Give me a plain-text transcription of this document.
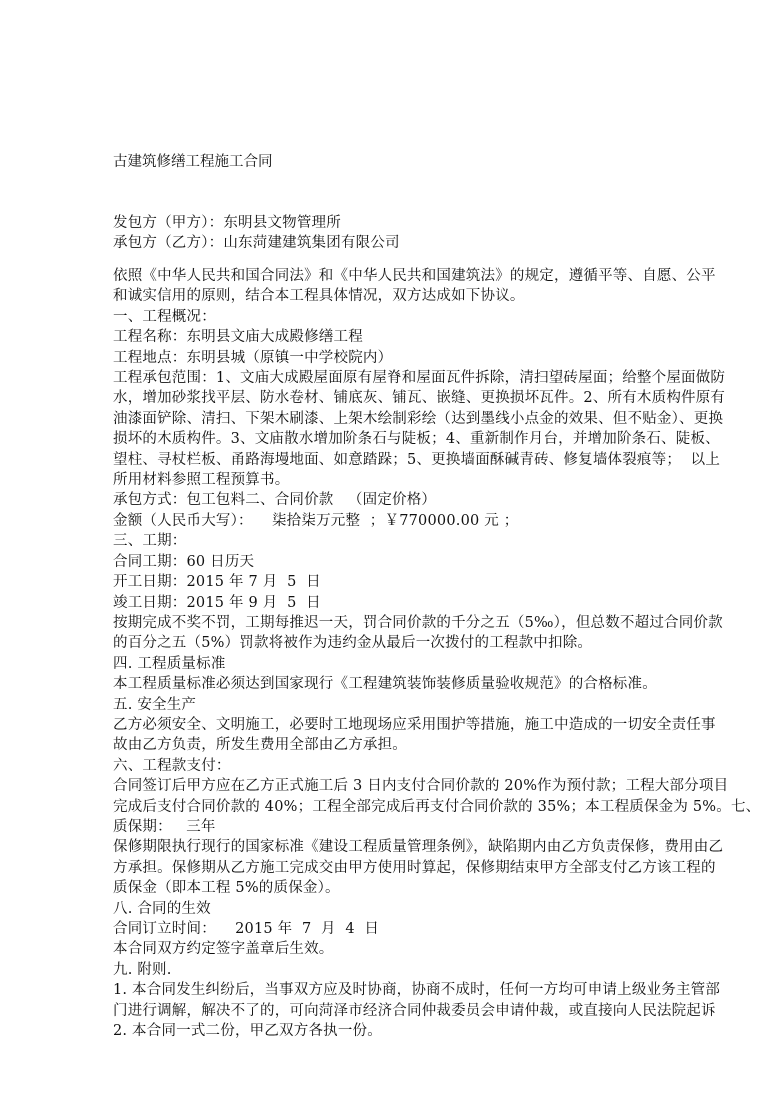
古建筑修缮工程施工合同

发包方（甲方）：东明县文物管理所

承包方（乙方）：山东菏建建筑集团有限公司

依照《中华人民共和国合同法》和《中华人民共和国建筑法》的规定，遵循平等、自愿、公平

和诚实信用的原则，结合本工程具体情况，双方达成如下协议。

一、工程概况：

工程名称：东明县文庙大成殿修缮工程

工程地点：东明县城（原镇一中学校院内）

工程承包范围：1、文庙大成殿屋面原有屋脊和屋面瓦件拆除，清扫望砖屋面；给整个屋面做防

水，增加砂浆找平层、防水卷材、铺底灰、铺瓦、嵌缝、更换损坏瓦件。2、所有木质构件原有

油漆面铲除、清扫、下架木刷漆、上架木绘制彩绘（达到墨线小点金的效果、但不贴金）、更换

损坏的木质构件。3、文庙散水增加阶条石与陡板；4、重新制作月台，并增加阶条石、陡板、

望柱、寻杖栏板、甬路海墁地面、如意踏跺；5、更换墙面酥碱青砖、修复墙体裂痕等；  以上

所用材料参照工程预算书。

承包方式：包工包料二、合同价款   （固定价格）

金额（人民币大写）：    柒拾柒万元整  ；￥770000.00 元 ；

三、工期：

合同工期：60 日历天

开工日期：2015 年 7 月  5  日

竣工日期：2015 年 9 月  5  日

按期完成不奖不罚，工期每推迟一天，罚合同价款的千分之五（5‰），但总数不超过合同价款

的百分之五（5%）罚款将被作为违约金从最后一次拨付的工程款中扣除。

四. 工程质量标准

本工程质量标准必须达到国家现行《工程建筑装饰装修质量验收规范》的合格标准。

五. 安全生产

乙方必须安全、文明施工，必要时工地现场应采用围护等措施，施工中造成的一切安全责任事

故由乙方负责，所发生费用全部由乙方承担。

六、工程款支付：

合同签订后甲方应在乙方正式施工后 3 日内支付合同价款的 20%作为预付款；工程大部分项目

完成后支付合同价款的 40%；工程全部完成后再支付合同价款的 35%；本工程质保金为 5%。七、

质保期：   三年

保修期限执行现行的国家标准《建设工程质量管理条例》，缺陷期内由乙方负责保修，费用由乙

方承担。保修期从乙方施工完成交由甲方使用时算起，保修期结束甲方全部支付乙方该工程的

质保金（即本工程 5%的质保金）。

八. 合同的生效

合同订立时间：    2015 年  7  月  4  日

本合同双方约定签字盖章后生效。

九. 附则.

1. 本合同发生纠纷后，当事双方应及时协商，协商不成时，任何一方均可申请上级业务主管部

门进行调解，解决不了的，可向菏泽市经济合同仲裁委员会申请仲裁，或直接向人民法院起诉

2. 本合同一式二份，甲乙双方各执一份。
